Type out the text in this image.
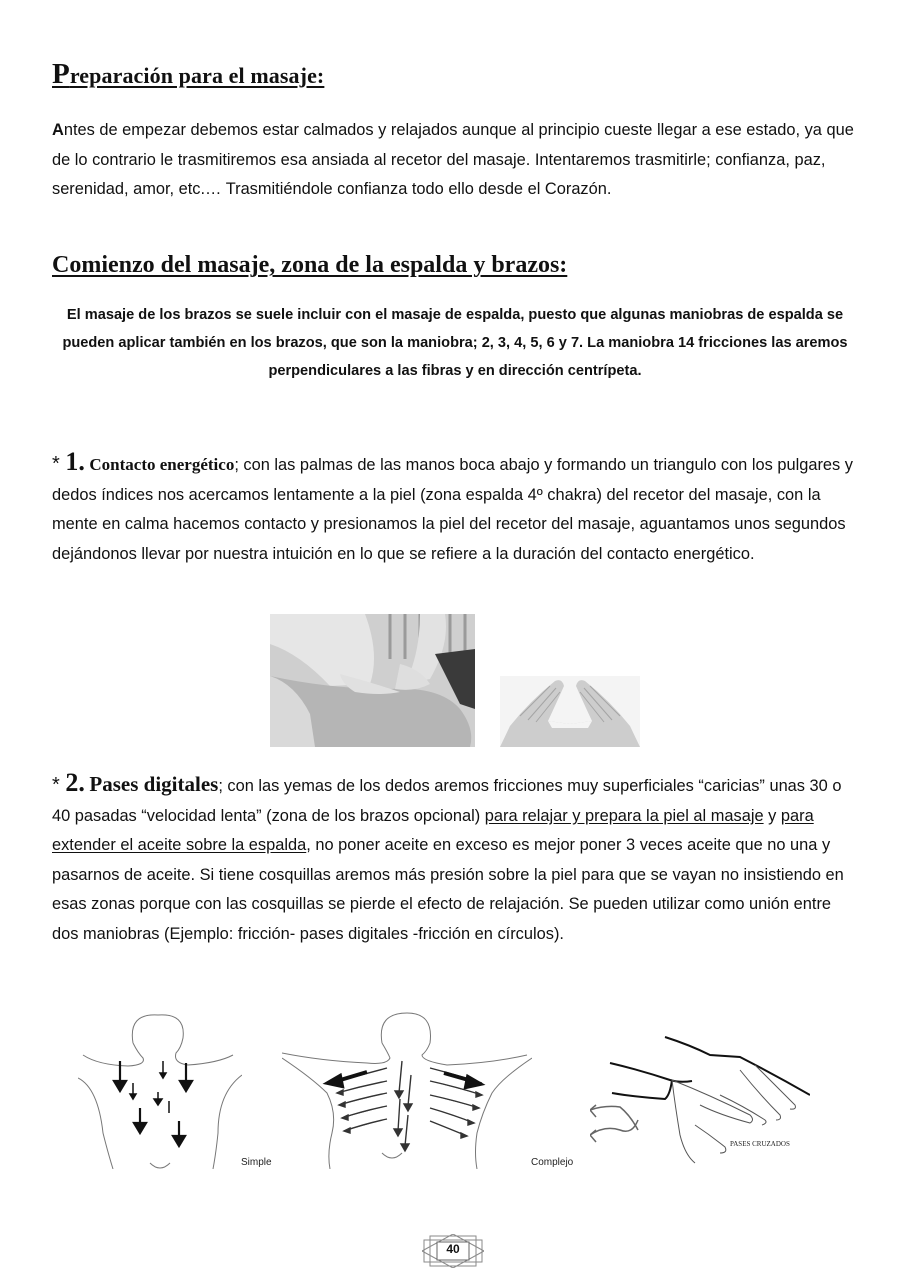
Preparación para el masaje:

Antes de empezar debemos estar calmados y relajados aunque al principio cueste llegar a ese estado, ya que de lo contrario le trasmitiremos esa ansiada al recetor del masaje. Intentaremos trasmitirle; confianza, paz, serenidad, amor, etc.… Trasmitiéndole confianza todo ello desde el Corazón.

Comienzo del masaje, zona de la espalda y brazos:

El masaje de los brazos se suele incluir con el masaje de espalda, puesto que algunas maniobras de espalda se pueden aplicar también en los brazos, que son la maniobra; 2, 3, 4, 5, 6 y 7. La maniobra 14 fricciones las aremos perpendiculares a las fibras y en dirección centrípeta.

* 1. Contacto energético; con las palmas de las manos boca abajo y formando un triangulo con los pulgares y dedos índices nos acercamos lentamente a la piel (zona espalda 4º chakra) del recetor del masaje, con la mente en calma hacemos contacto y presionamos la piel del recetor del masaje, aguantamos unos segundos dejándonos llevar por nuestra intuición en lo que se refiere a la duración del contacto energético.

* 2. Pases digitales; con las yemas de los dedos aremos fricciones muy superficiales “caricias” unas 30 o 40 pasadas “velocidad lenta” (zona de los brazos opcional) para relajar y prepara la piel al masaje y para extender el aceite sobre la espalda, no poner aceite en exceso es mejor poner 3 veces aceite que no una y pasarnos de aceite. Si tiene cosquillas aremos más presión sobre la piel para que se vayan no insistiendo en esas zonas porque con las cosquillas se pierde el efecto de relajación. Se pueden utilizar como unión entre dos maniobras (Ejemplo: fricción- pases digitales -fricción en círculos).

Simple	Complejo
PASES CRUZADOS
40
